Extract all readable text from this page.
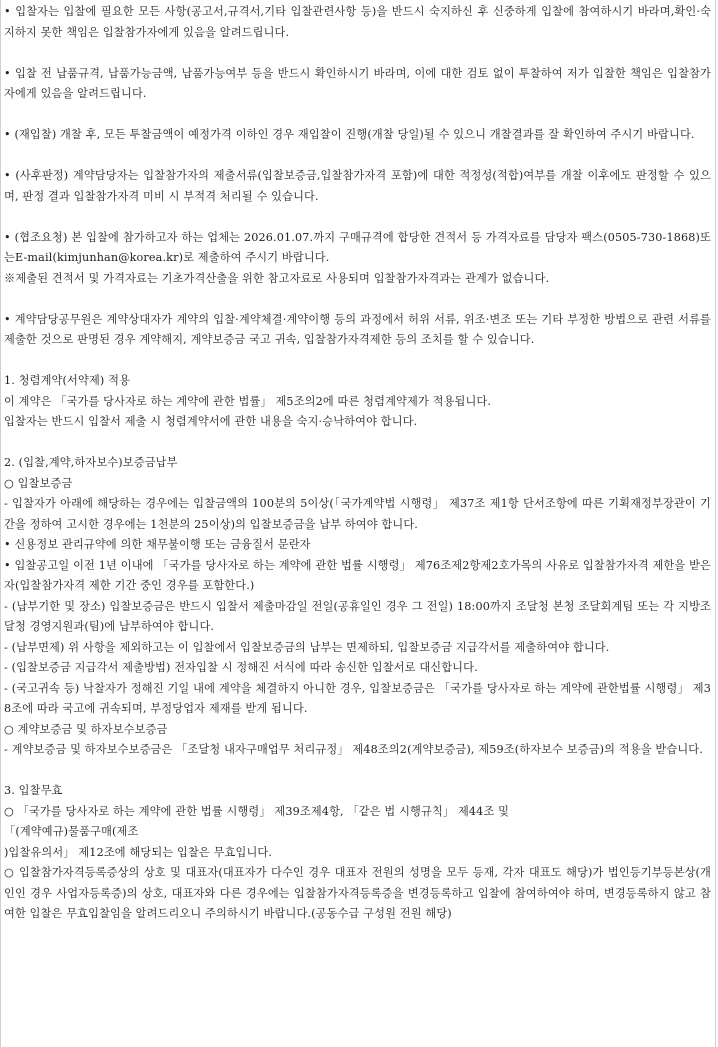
• 입찰자는 입찰에 필요한 모든 사항(공고서,규격서,기타 입찰관련사항 등)을 반드시 숙지하신 후 신중하게 입찰에 참여하시기 바라며,확인·숙지하지 못한 책임은 입찰참가자에게 있음을 알려드립니다.

• 입찰 전 납품규격, 납품가능금액, 납품가능여부 등을 반드시 확인하시기 바라며, 이에 대한 검토 없이 투찰하여 저가 입찰한 책임은 입찰참가자에게 있음을 알려드립니다.

• (재입찰) 개찰 후, 모든 투찰금액이 예정가격 이하인 경우 재입찰이 진행(개찰 당일)될 수 있으니 개찰결과를 잘 확인하여 주시기 바랍니다.

• (사후판정) 계약담당자는 입찰참가자의 제출서류(입찰보증금,입찰참가자격 포함)에 대한 적정성(적합)여부를 개찰 이후에도 판정할 수 있으며, 판정 결과 입찰참가자격 미비 시 부적격 처리될 수 있습니다.

• (협조요청) 본 입찰에 참가하고자 하는 업체는 2026.01.07.까지 구매규격에 합당한 견적서 등 가격자료를 담당자 팩스(0505-730-1868)또는E-mail(kimjunhan@korea.kr)로 제출하여 주시기 바랍니다.

※제출된 견적서 및 가격자료는 기초가격산출을 위한 참고자료로 사용되며 입찰참가자격과는 관계가 없습니다.

• 계약담당공무원은 계약상대자가 계약의 입찰·계약체결·계약이행 등의 과정에서 허위 서류, 위조·변조 또는 기타 부정한 방법으로 관련 서류를 제출한 것으로 판명된 경우 계약해지, 계약보증금 국고 귀속, 입찰참가자격제한 등의 조치를 할 수 있습니다.

1. 청렴계약(서약제) 적용

이 계약은 「국가를 당사자로 하는 계약에 관한 법률」 제5조의2에 따른 청렴계약제가 적용됩니다.

입찰자는 반드시 입찰서 제출 시 청렴계약서에 관한 내용을 숙지·승낙하여야 합니다.

2. (입찰,계약,하자보수)보증금납부

○ 입찰보증금

- 입찰자가 아래에 해당하는 경우에는 입찰금액의 100분의 5이상(「국가계약법 시행령」 제37조 제1항 단서조항에 따른 기획재정부장관이 기간을 정하여 고시한 경우에는 1천분의 25이상)의 입찰보증금을 납부 하여야 합니다.

• 신용정보 관리규약에 의한 채무불이행 또는 금융질서 문란자

• 입찰공고일 이전 1년 이내에 「국가를 당사자로 하는 계약에 관한 법률 시행령」 제76조제2항제2호가목의 사유로 입찰참가자격 제한을 받은 자(입찰참가자격 제한 기간 중인 경우를 포함한다.)

- (납부기한 및 장소) 입찰보증금은 반드시 입찰서 제출마감일 전일(공휴일인 경우 그 전일) 18:00까지 조달청 본청 조달회계팀 또는 각 지방조달청 경영지원과(팀)에 납부하여야 합니다.

- (납부면제) 위 사항을 제외하고는 이 입찰에서 입찰보증금의 납부는 면제하되, 입찰보증금 지급각서를 제출하여야 합니다.

- (입찰보증금 지급각서 제출방법) 전자입찰 시 정해진 서식에 따라 송신한 입찰서로 대신합니다.

- (국고귀속 등) 낙찰자가 정해진 기일 내에 계약을 체결하지 아니한 경우, 입찰보증금은 「국가를 당사자로 하는 계약에 관한법률 시행령」 제38조에 따라 국고에 귀속되며, 부정당업자 제재를 받게 됩니다.

○ 계약보증금 및 하자보수보증금

- 계약보증금 및 하자보수보증금은 「조달청 내자구매업무 처리규정」 제48조의2(계약보증금), 제59조(하자보수 보증금)의 적용을 받습니다.

3. 입찰무효

○ 「국가를 당사자로 하는 계약에 관한 법률 시행령」 제39조제4항, 「같은 법 시행규칙」 제44조 및

「(계약예규)물품구매(제조

)입찰유의서」 제12조에 해당되는 입찰은 무효입니다.

○ 입찰참가자격등록증상의 상호 및 대표자(대표자가 다수인 경우 대표자 전원의 성명을 모두 등재, 각자 대표도 해당)가 법인등기부등본상(개인인 경우 사업자등록증)의 상호, 대표자와 다른 경우에는 입찰참가자격등록증을 변경등록하고 입찰에 참여하여야 하며, 변경등록하지 않고 참여한 입찰은 무효입찰임을 알려드리오니 주의하시기 바랍니다.(공동수급 구성원 전원 해당)
